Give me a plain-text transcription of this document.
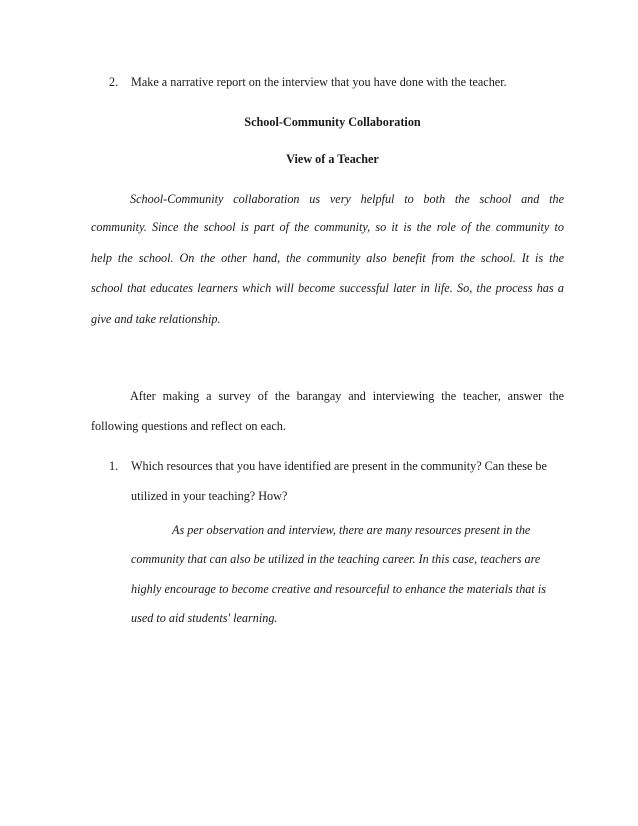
2. Make a narrative report on the interview that you have done with the teacher.
School-Community Collaboration
View of a Teacher
School-Community collaboration us very helpful to both the school and the
community. Since the school is part of the community, so it is the role of the community to
help the school. On the other hand, the community also benefit from the school. It is the
school that educates learners which will become successful later in life. So, the process has a
give and take relationship.
After making a survey of the barangay and interviewing the teacher, answer the
following questions and reflect on each.
1. Which resources that you have identified are present in the community? Can these be
utilized in your teaching? How?
As per observation and interview, there are many resources present in the
community that can also be utilized in the teaching career. In this case, teachers are
highly encourage to become creative and resourceful to enhance the materials that is
used to aid students' learning.
